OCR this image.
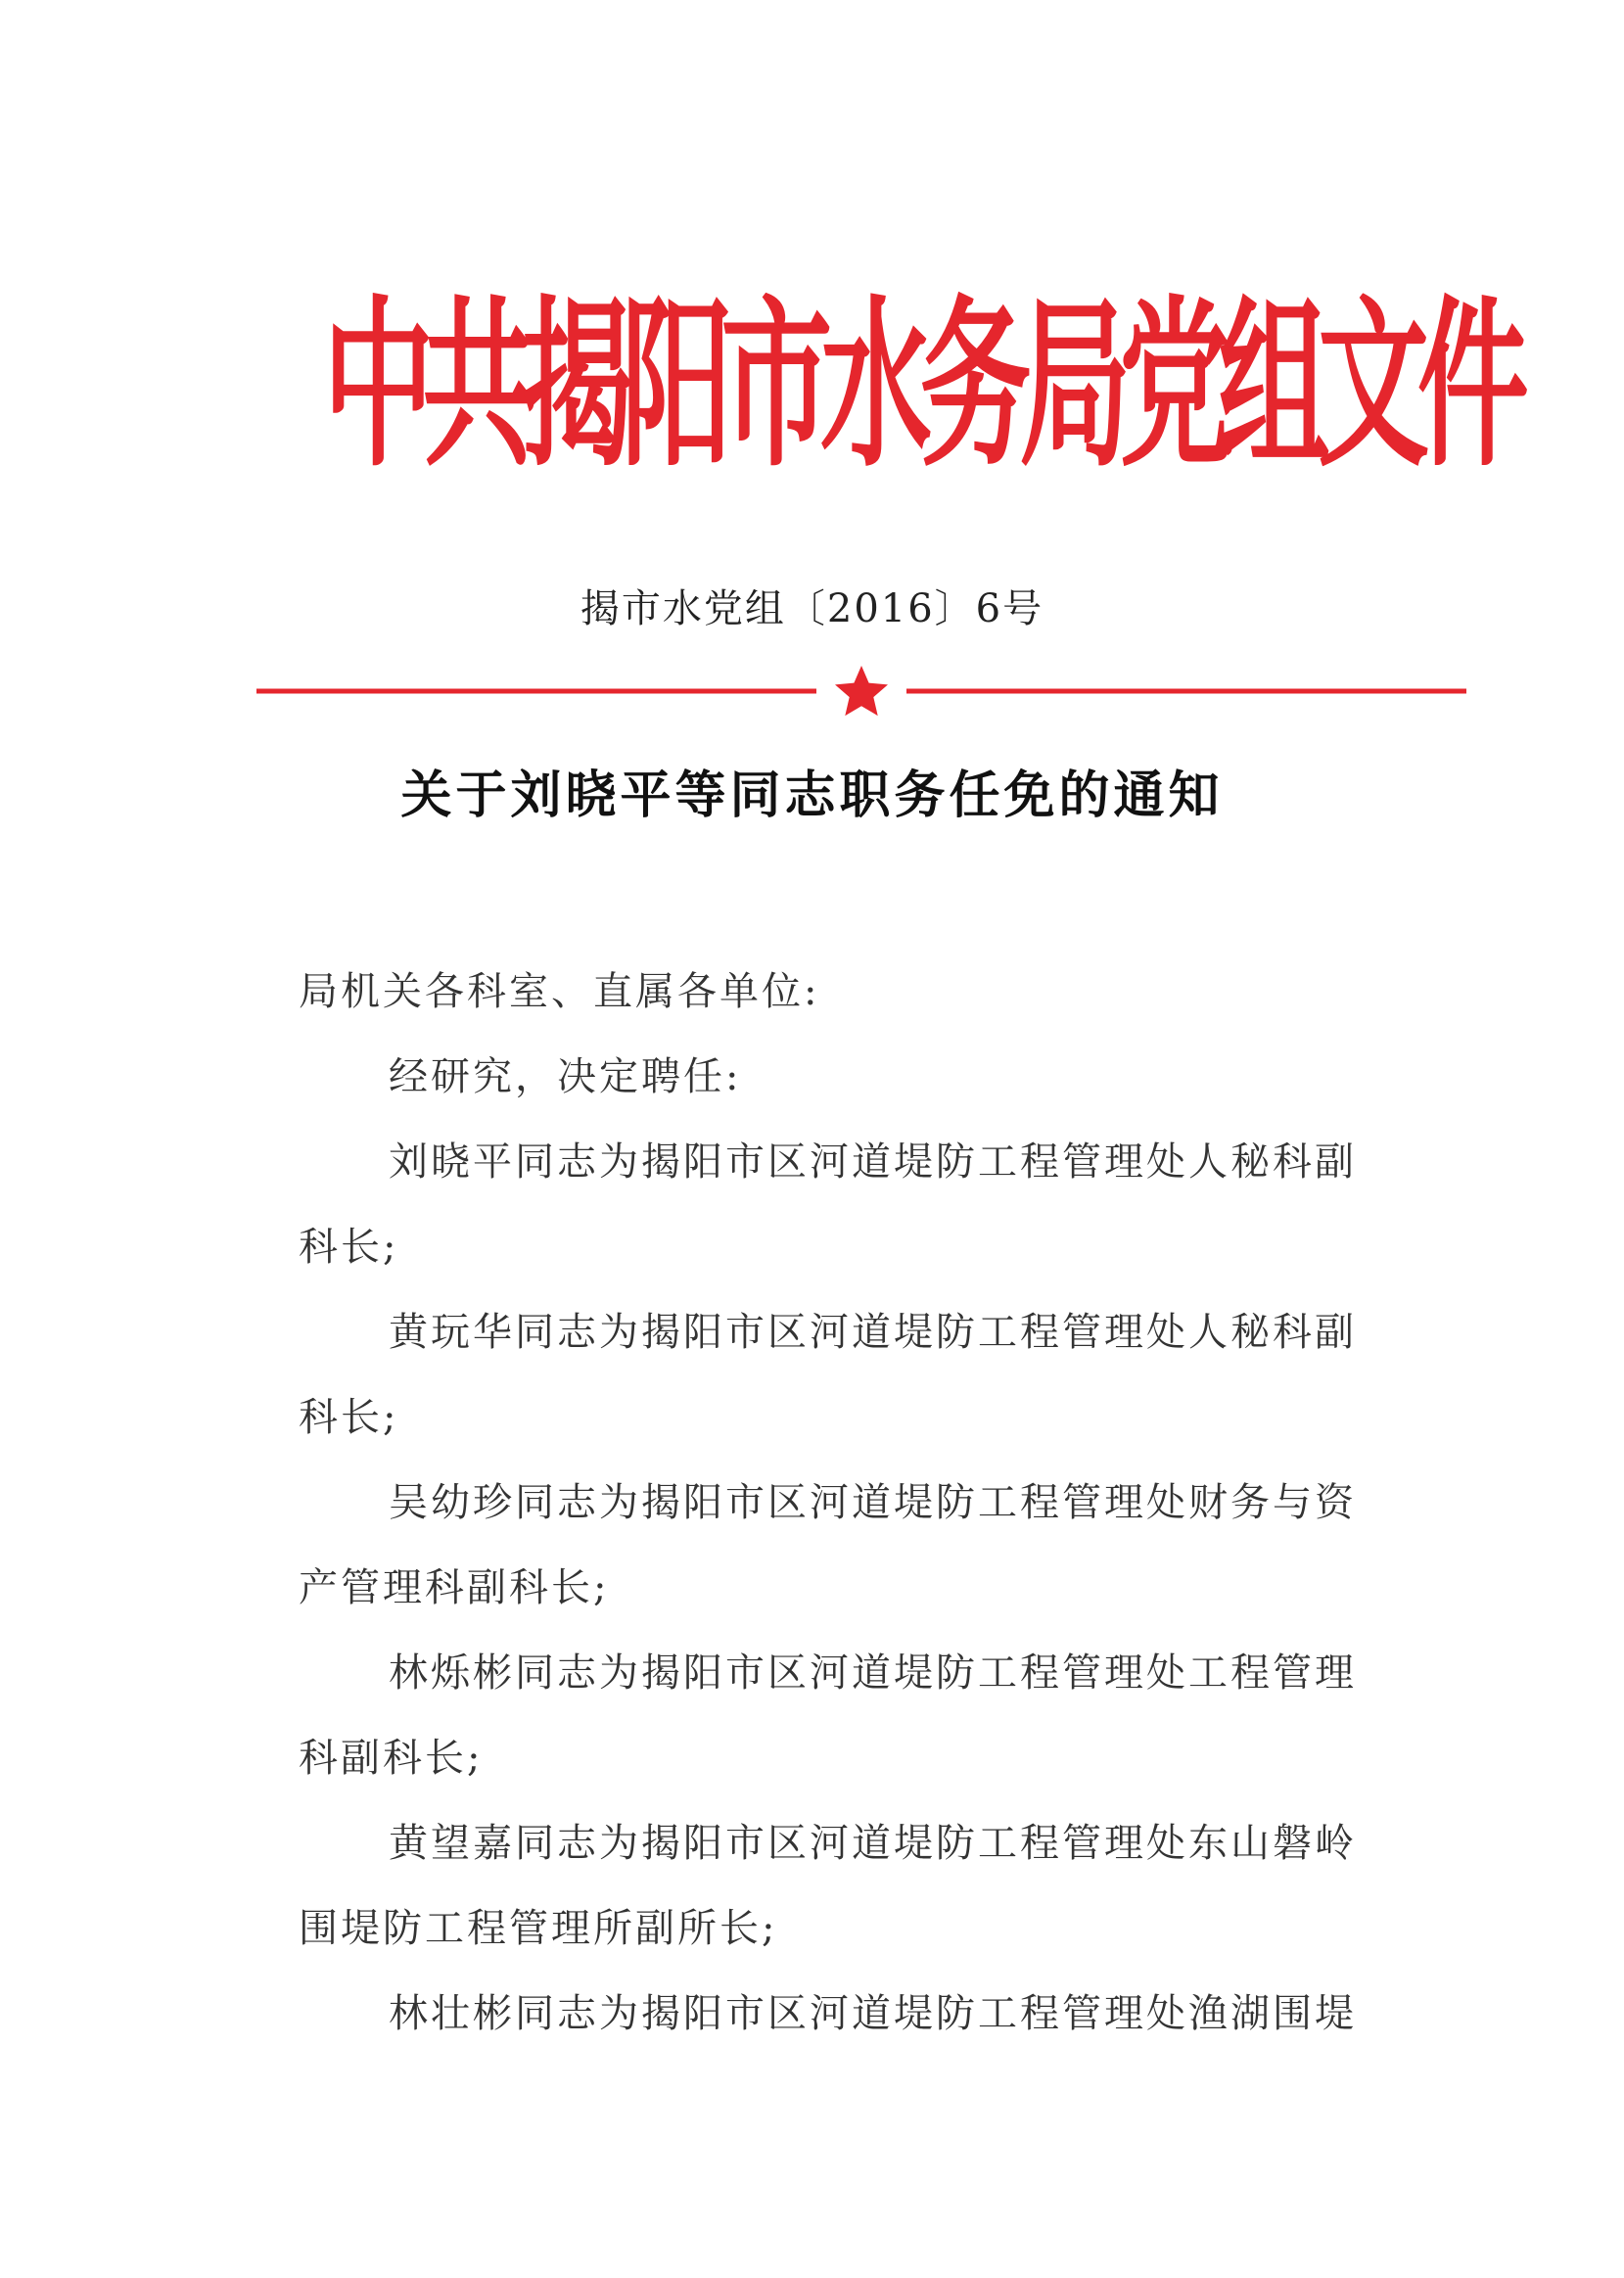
中共揭阳市水务局党组文件
揭市水党组〔2016〕6号
关于刘晓平等同志职务任免的通知
局机关各科室、直属各单位:
经研究，决定聘任:
刘晓平同志为揭阳市区河道堤防工程管理处人秘科副
科长;
黄玩华同志为揭阳市区河道堤防工程管理处人秘科副
科长;
吴幼珍同志为揭阳市区河道堤防工程管理处财务与资
产管理科副科长;
林烁彬同志为揭阳市区河道堤防工程管理处工程管理
科副科长;
黄望嘉同志为揭阳市区河道堤防工程管理处东山磐岭
围堤防工程管理所副所长;
林壮彬同志为揭阳市区河道堤防工程管理处渔湖围堤
